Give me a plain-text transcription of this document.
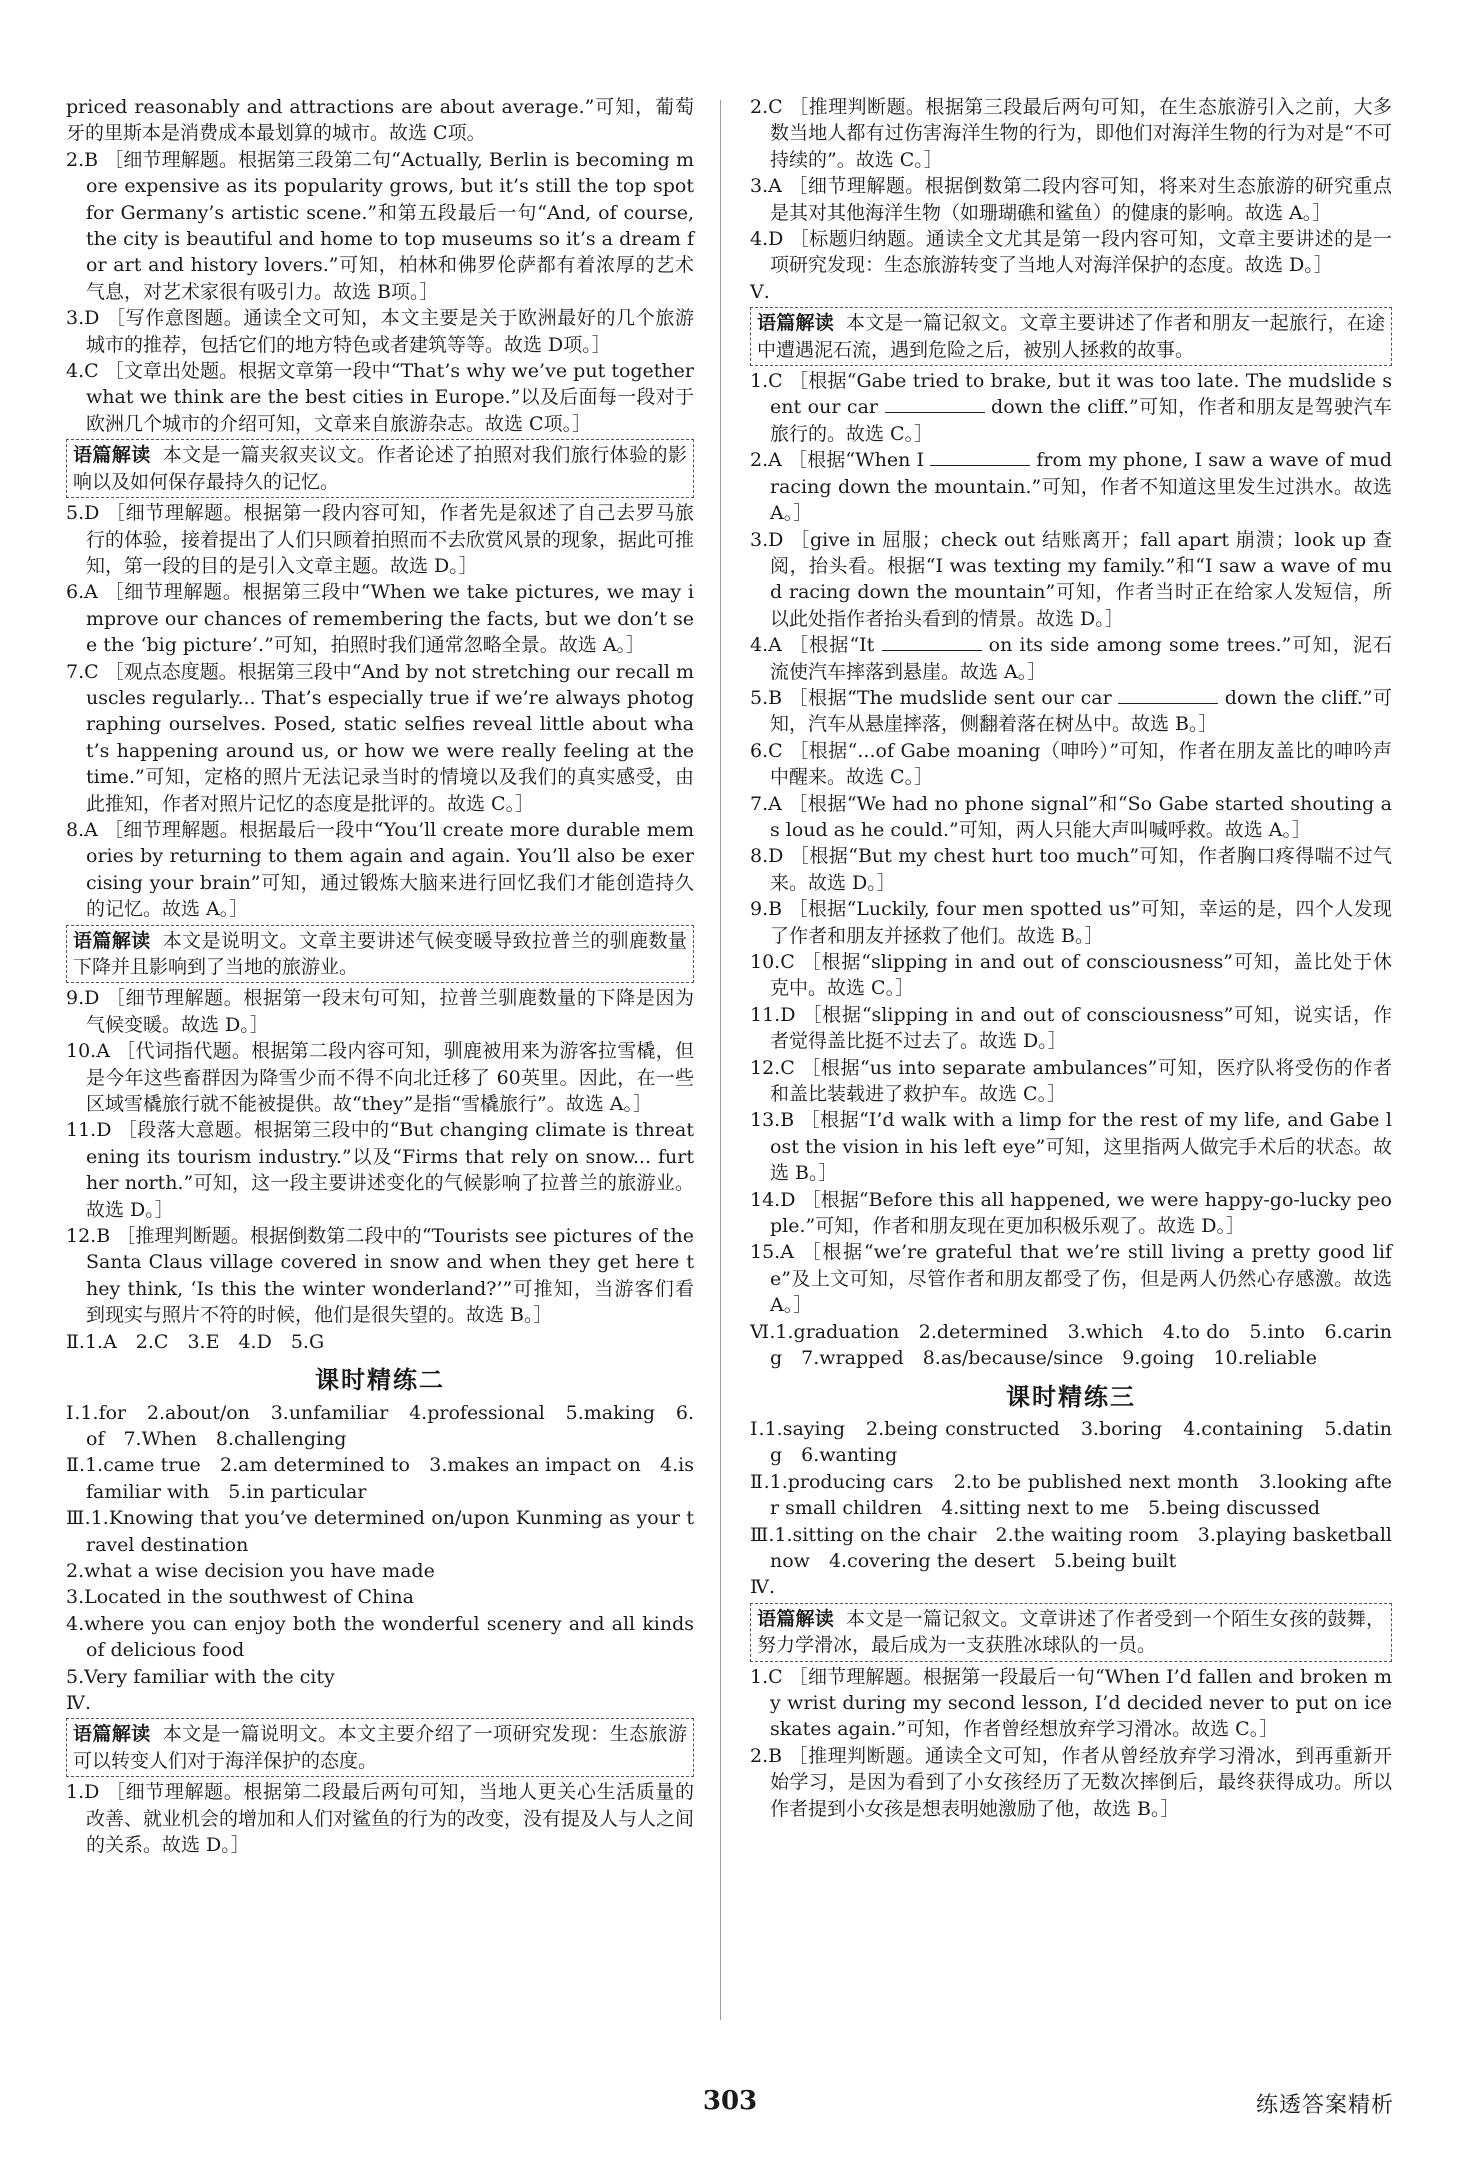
priced reasonably and attractions are about average.”可知，葡萄牙的里斯本是消费成本最划算的城市。故选 C项。

2.B ［细节理解题。根据第三段第二句“Actually, Berlin is becoming more expensive as its popularity grows, but it’s still the top spot for Germany’s artistic scene.”和第五段最后一句“And, of course, the city is beautiful and home to top museums so it’s a dream for art and history lovers.”可知，柏林和佛罗伦萨都有着浓厚的艺术气息，对艺术家很有吸引力。故选 B项。］

3.D ［写作意图题。通读全文可知，本文主要是关于欧洲最好的几个旅游城市的推荐，包括它们的地方特色或者建筑等等。故选 D项。］

4.C ［文章出处题。根据文章第一段中“That’s why we’ve put together what we think are the best cities in Europe.”以及后面每一段对于欧洲几个城市的介绍可知，文章来自旅游杂志。故选 C项。］

语篇解读 本文是一篇夹叙夹议文。作者论述了拍照对我们旅行体验的影响以及如何保存最持久的记忆。

5.D ［细节理解题。根据第一段内容可知，作者先是叙述了自己去罗马旅行的体验，接着提出了人们只顾着拍照而不去欣赏风景的现象，据此可推知，第一段的目的是引入文章主题。故选 D。］

6.A ［细节理解题。根据第三段中“When we take pictures, we may improve our chances of remembering the facts, but we don’t see the ‘big picture’.”可知，拍照时我们通常忽略全景。故选 A。］

7.C ［观点态度题。根据第三段中“And by not stretching our recall muscles regularly... That’s especially true if we’re always photographing ourselves. Posed, static selfies reveal little about what’s happening around us, or how we were really feeling at the time.”可知，定格的照片无法记录当时的情境以及我们的真实感受，由此推知，作者对照片记忆的态度是批评的。故选 C。］

8.A ［细节理解题。根据最后一段中“You’ll create more durable memories by returning to them again and again. You’ll also be exercising your brain”可知，通过锻炼大脑来进行回忆我们才能创造持久的记忆。故选 A。］

语篇解读 本文是说明文。文章主要讲述气候变暖导致拉普兰的驯鹿数量下降并且影响到了当地的旅游业。

9.D ［细节理解题。根据第一段末句可知，拉普兰驯鹿数量的下降是因为气候变暖。故选 D。］

10.A ［代词指代题。根据第二段内容可知，驯鹿被用来为游客拉雪橇，但是今年这些畜群因为降雪少而不得不向北迁移了 60英里。因此，在一些区域雪橇旅行就不能被提供。故“they”是指“雪橇旅行”。故选 A。］

11.D ［段落大意题。根据第三段中的“But changing climate is threatening its tourism industry.”以及“Firms that rely on snow... further north.”可知，这一段主要讲述变化的气候影响了拉普兰的旅游业。故选 D。］

12.B ［推理判断题。根据倒数第二段中的“Tourists see pictures of the Santa Claus village covered in snow and when they get here they think, ‘Is this the winter wonderland?’”可推知，当游客们看到现实与照片不符的时候，他们是很失望的。故选 B。］

Ⅱ.1.A　2.C　3.E　4.D　5.G

课时精练二

Ⅰ.1.for　2.about/on　3.unfamiliar　4.professional　5.making　6.of　7.When　8.challenging

Ⅱ.1.came true　2.am determined to　3.makes an impact on　4.is familiar with　5.in particular

Ⅲ.1.Knowing that you’ve determined on/upon Kunming as your travel destination

2.what a wise decision you have made

3.Located in the southwest of China

4.where you can enjoy both the wonderful scenery and all kinds of delicious food

5.Very familiar with the city

Ⅳ.

语篇解读 本文是一篇说明文。本文主要介绍了一项研究发现：生态旅游可以转变人们对于海洋保护的态度。

1.D ［细节理解题。根据第二段最后两句可知，当地人更关心生活质量的改善、就业机会的增加和人们对鲨鱼的行为的改变，没有提及人与人之间的关系。故选 D。］

2.C ［推理判断题。根据第三段最后两句可知，在生态旅游引入之前，大多数当地人都有过伤害海洋生物的行为，即他们对海洋生物的行为对是“不可持续的”。故选 C。］

3.A ［细节理解题。根据倒数第二段内容可知，将来对生态旅游的研究重点是其对其他海洋生物（如珊瑚礁和鲨鱼）的健康的影响。故选 A。］

4.D ［标题归纳题。通读全文尤其是第一段内容可知，文章主要讲述的是一项研究发现：生态旅游转变了当地人对海洋保护的态度。故选 D。］

Ⅴ.

语篇解读 本文是一篇记叙文。文章主要讲述了作者和朋友一起旅行，在途中遭遇泥石流，遇到危险之后，被别人拯救的故事。

1.C ［根据“Gabe tried to brake, but it was too late. The mudslide sent our car	down the cliff.”可知，作者和朋友是驾驶汽车旅行的。故选 C。］

2.A ［根据“When I	from my phone, I saw a wave of mud racing down the mountain.”可知，作者不知道这里发生过洪水。故选 A。］

3.D ［give in 屈服；check out 结账离开；fall apart 崩溃；look up 查阅，抬头看。根据“I was texting my family.”和“I saw a wave of mud racing down the mountain”可知，作者当时正在给家人发短信，所以此处指作者抬头看到的情景。故选 D。］

4.A ［根据“It	on its side among some trees.”可知，泥石流使汽车摔落到悬崖。故选 A。］

5.B ［根据“The mudslide sent our car	down the cliff.”可知，汽车从悬崖摔落，侧翻着落在树丛中。故选 B。］

6.C ［根据“...of Gabe moaning（呻吟）”可知，作者在朋友盖比的呻吟声中醒来。故选 C。］

7.A ［根据“We had no phone signal”和“So Gabe started shouting as loud as he could.”可知，两人只能大声叫喊呼救。故选 A。］

8.D ［根据“But my chest hurt too much”可知，作者胸口疼得喘不过气来。故选 D。］

9.B ［根据“Luckily, four men spotted us”可知，幸运的是，四个人发现了作者和朋友并拯救了他们。故选 B。］

10.C ［根据“slipping in and out of consciousness”可知，盖比处于休克中。故选 C。］

11.D ［根据“slipping in and out of consciousness”可知，说实话，作者觉得盖比挺不过去了。故选 D。］

12.C ［根据“us into separate ambulances”可知，医疗队将受伤的作者和盖比装载进了救护车。故选 C。］

13.B ［根据“I’d walk with a limp for the rest of my life, and Gabe lost the vision in his left eye”可知，这里指两人做完手术后的状态。故选 B。］

14.D ［根据“Before this all happened, we were happy-go-lucky people.”可知，作者和朋友现在更加积极乐观了。故选 D。］

15.A ［根据“we’re grateful that we’re still living a pretty good life”及上文可知，尽管作者和朋友都受了伤，但是两人仍然心存感激。故选 A。］

Ⅵ.1.graduation　2.determined　3.which　4.to do　5.into　6.caring　7.wrapped　8.as/because/since　9.going　10.reliable

课时精练三

Ⅰ.1.saying　2.being constructed　3.boring　4.containing　5.dating　6.wanting

Ⅱ.1.producing cars　2.to be published next month　3.looking after small children　4.sitting next to me　5.being discussed

Ⅲ.1.sitting on the chair　2.the waiting room　3.playing basketball now　4.covering the desert　5.being built

Ⅳ.

语篇解读 本文是一篇记叙文。文章讲述了作者受到一个陌生女孩的鼓舞，努力学滑冰，最后成为一支获胜冰球队的一员。

1.C ［细节理解题。根据第一段最后一句“When I’d fallen and broken my wrist during my second lesson, I’d decided never to put on ice skates again.”可知，作者曾经想放弃学习滑冰。故选 C。］

2.B ［推理判断题。通读全文可知，作者从曾经放弃学习滑冰，到再重新开始学习，是因为看到了小女孩经历了无数次摔倒后，最终获得成功。所以作者提到小女孩是想表明她激励了他，故选 B。］

303	练透答案精析
